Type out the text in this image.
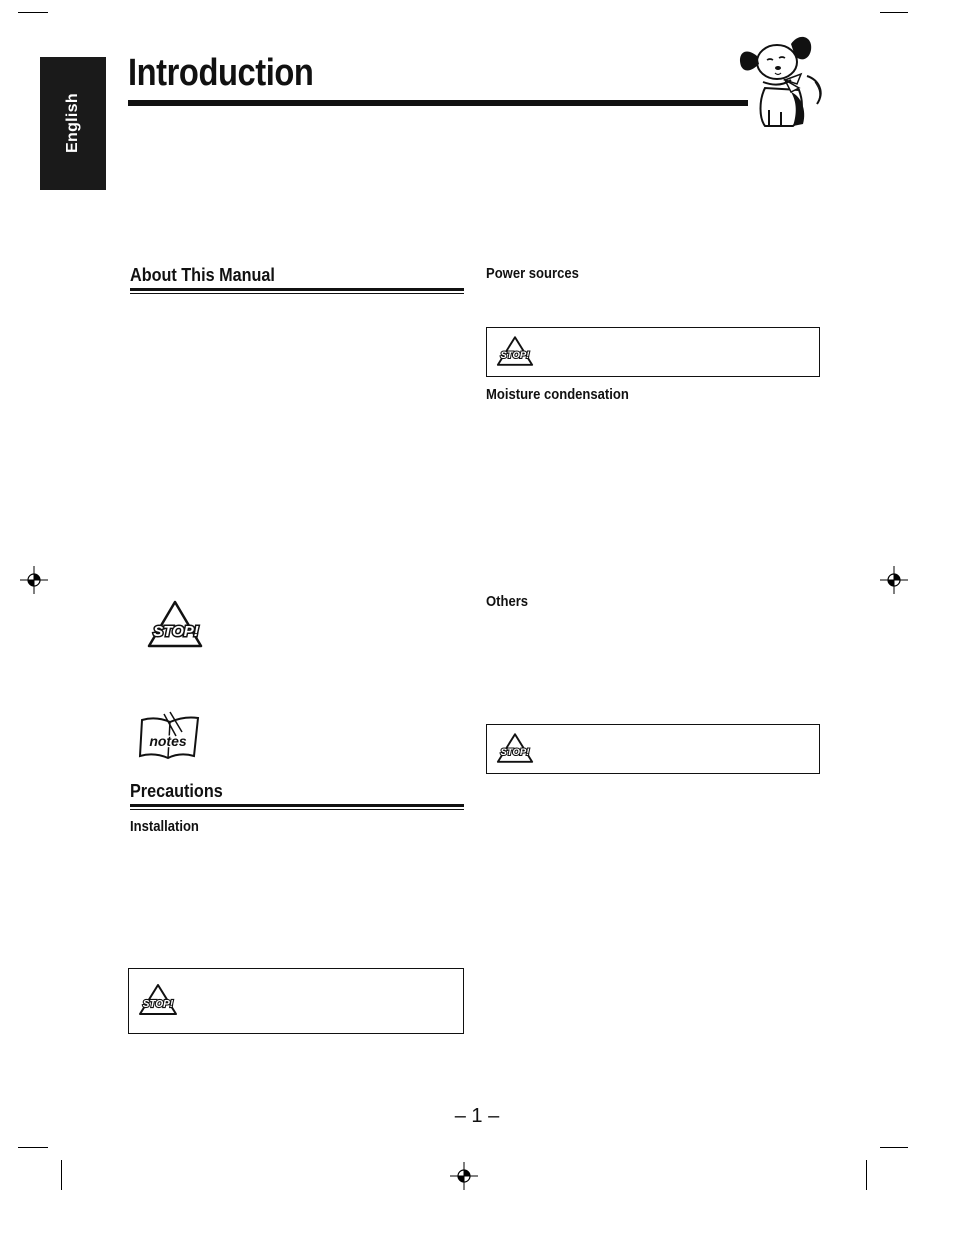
English
Introduction
About This Manual
STOP!
notes
Precautions
Installation
STOP!
Power sources
STOP!
Moisture condensation
Others
STOP!
– 1 –
